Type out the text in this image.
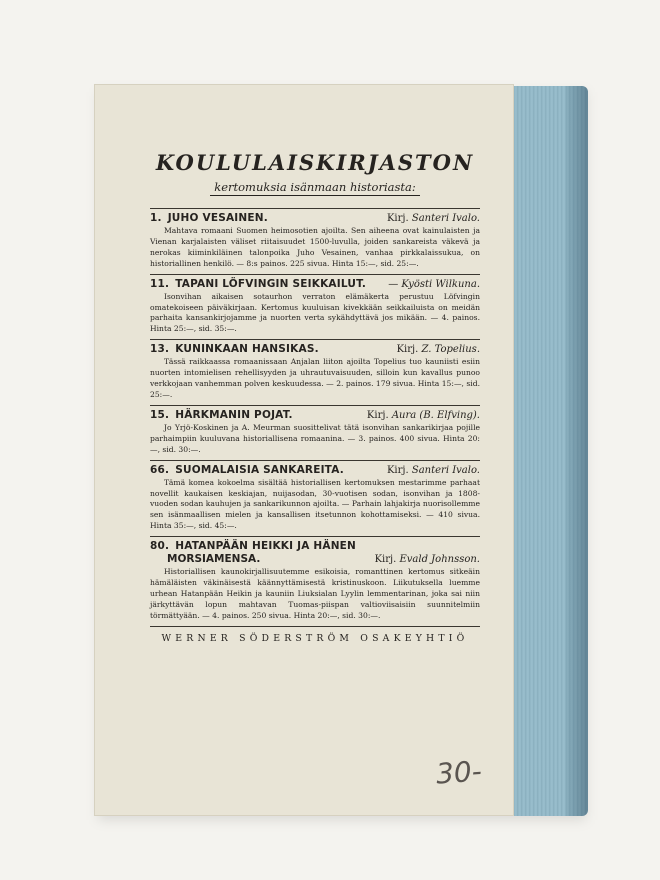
KOULULAISKIRJASTON
kertomuksia isänmaan historiasta:
1. JUHO VESAINEN.	Kirj. Santeri Ivalo.

Mahtava romaani Suomen heimosotien ajoilta. Sen aiheena ovat kainulaisten ja Vienan karjalaisten väliset riitaisuudet 1500-luvulla, joiden sankareista väkevä ja nerokas kiiminkiläinen talonpoika Juho Vesainen, vanhaa pirkkalaissukua, on historiallinen henkilö. — 8:s painos. 225 sivua. Hinta 15:—, sid. 25:—.

11. TAPANI LÖFVINGIN SEIKKAILUT. — Kyösti Wilkuna.

Isonvihan aikaisen sotaurhon verraton elämäkerta perustuu Löfvingin omatekoiseen päiväkirjaan. Kertomus kuuluisan kivekkään seikkailuista on meidän parhaita kansankirjojamme ja nuorten verta sykähdyttävä jos mikään. — 4. painos. Hinta 25:—, sid. 35:—.

13. KUNINKAAN HANSIKAS.	Kirj. Z. Topelius.

Tässä raikkaassa romaanissaan Anjalan liiton ajoilta Topelius tuo kauniisti esiin nuorten intomielisen rehellisyyden ja uhrautuvaisuuden, silloin kun kavallus punoo verkkojaan vanhemman polven keskuudessa. — 2. painos. 179 sivua. Hinta 15:—, sid. 25:—.

15. HÄRKMANIN POJAT.	Kirj. Aura (B. Elfving).

Jo Yrjö-Koskinen ja A. Meurman suosittelivat tätä isonvihan sankarikirjaa pojille parhaimpiin kuuluvana historiallisena romaanina. — 3. painos. 400 sivua. Hinta 20:—, sid. 30:—.

66. SUOMALAISIA SANKAREITA.	Kirj. Santeri Ivalo.

Tämä komea kokoelma sisältää historiallisen kertomuksen mestarimme parhaat novellit kaukaisen keskiajan, nuijasodan, 30-vuotisen sodan, isonvihan ja 1808-vuoden sodan kauhujen ja sankarikunnon ajoilta. — Parhain lahjakirja nuorisollemme sen isänmaallisen mielen ja kansallisen itsetunnon kohottamiseksi. — 410 sivua. Hinta 35:—, sid. 45:—.

80. HATANPÄÄN HEIKKI JA HÄNEN
MORSIAMENSA.	Kirj. Evald Johnsson.

Historiallisen kaunokirjallisuutemme esikoisia, romanttinen kertomus sitkeäin hämäläisten väkinäisestä käännyttämisestä kristinuskoon. Liikutuksella luemme urhean Hatanpään Heikin ja kauniin Liuksialan Lyylin lemmentarinan, joka sai niin järkyttävän lopun mahtavan Tuomas-piispan valtioviisaisiin suunnitelmiin törmättyään. — 4. painos. 250 sivua. Hinta 20:—, sid. 30:—.

WERNER SÖDERSTRÖM OSAKEYHTIÖ
30-
